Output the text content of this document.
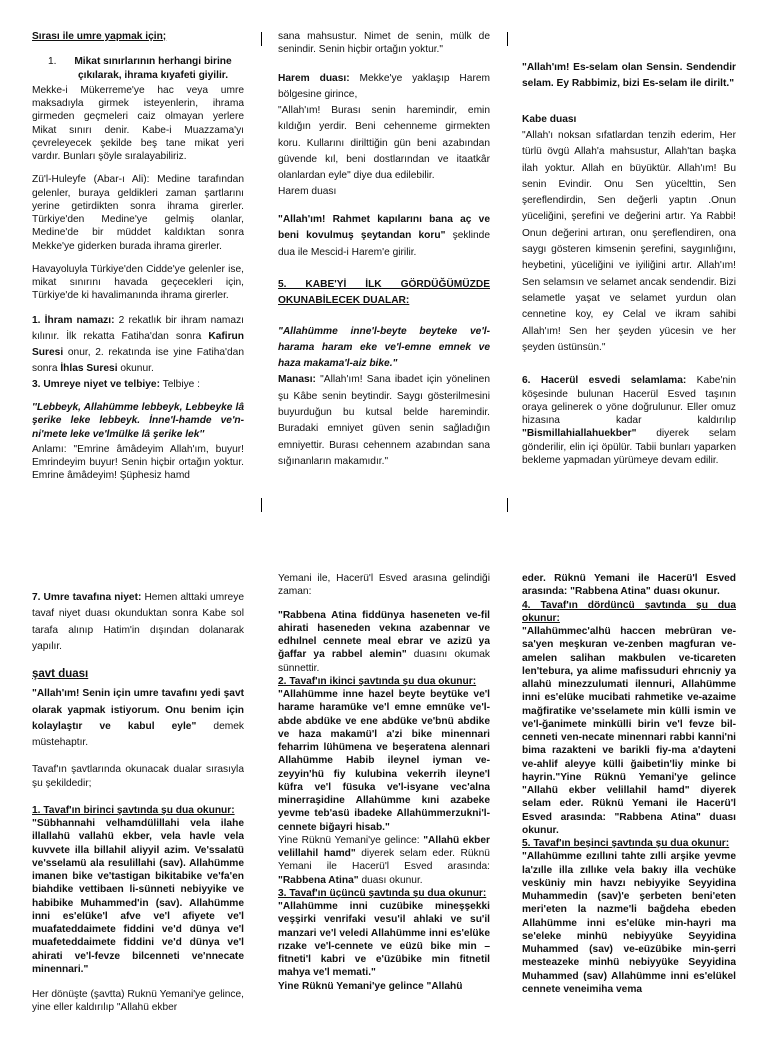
Sırası ile umre yapmak için;

1.	Mikat sınırlarının herhangi birine çıkılarak, ihrama kıyafeti giyilir.

Mekke-i Mükerreme'ye hac veya umre maksadıyla girmek isteyenlerin, ihrama girmeden geçmeleri caiz olmayan yerlere Mikat sınırı denir. Kabe-i Muazzama'yı çevreleyecek şekilde beş tane mikat yeri vardır. Bunları şöyle sıralayabiliriz.

Zü'l-Huleyfe (Abar-ı Ali): Medine tarafından gelenler, buraya geldikleri zaman şartlarını yerine getirdikten sonra ihrama girerler. Türkiye'den Medine'ye gelmiş olanlar, Medine'de bir müddet kaldıktan sonra Mekke'ye giderken burada ihrama girerler.

Havayoluyla Türkiye'den Cidde'ye gelenler ise, mikat sınırını havada geçecekleri için, Türkiye'de ki havalimanında ihrama girerler.

1. İhram namazı: 2 rekatlık bir ihram namazı kılınır. İlk rekatta Fatiha'dan sonra Kafirun Suresi onur, 2. rekatında ise yine Fatiha'dan sonra İhlas Suresi okunur.

3. Umreye niyet ve telbiye: Telbiye :

''Lebbeyk, Allahümme lebbeyk, Lebbeyke lâ şerike leke lebbeyk. İnne'l-hamde ve'n-ni'mete leke ve'lmülke lâ şerike lek''

Anlamı: "Emrine âmâdeyim Allah'ım, buyur! Emrindeyim buyur! Senin hiçbir ortağın yoktur. Emrine âmâdeyim! Şüphesiz hamd

sana mahsustur. Nimet de senin, mülk de senindir. Senin hiçbir ortağın yoktur."

Harem duası: Mekke'ye yaklaşıp Harem bölgesine girince,

"Allah'ım! Burası senin haremindir, emin kıldığın yerdir. Beni cehenneme girmekten koru. Kullarını dirilttiğin gün beni azabından güvende kıl, beni dostlarından ve itaatkâr olanlardan eyle" diye dua edilebilir.

Harem duası

"Allah'ım! Rahmet kapılarını bana aç ve beni kovulmuş şeytandan koru" şeklinde dua ile Mescid-i Harem'e girilir.

5. KABE'Yİ İLK GÖRDÜĞÜMÜZDE OKUNABİLECEK DUALAR:

"Allahümme inne'l-beyte beyteke ve'l-harama haram eke ve'l-emne emnek ve haza makama'l-aiz bike."

Manası: "Allah'ım! Sana ibadet için yönelinen şu Kâbe senin beytindir. Saygı gösterilmesini buyurduğun bu kutsal belde haremindir. Buradaki emniyet güven senin sağladığın emniyettir. Burası cehennem azabından sana sığınanların makamıdır."

"Allah'ım! Es-selam olan Sensin. Sendendir selam. Ey Rabbimiz, bizi Es-selam ile dirilt."

Kabe duası

"Allah'ı noksan sıfatlardan tenzih ederim, Her türlü övgü Allah'a mahsustur, Allah'tan başka ilah yoktur. Allah en büyüktür. Allah'ım! Bu senin Evindir. Onu Sen yücelttin, Sen şereflendirdin, Sen değerli yaptın .Onun yüceliğini, şerefini ve değerini artır. Ya Rabbi! Onun değerini artıran, onu şereflendiren, ona saygı gösteren kimsenin şerefini, saygınlığını, heybetini, yüceliğini ve iyiliğini artır. Allah'ım! Sen selamsın ve selamet ancak sendendir. Bizi selametle yaşat ve selamet yurdun olan cennetine koy, ey Celal ve ikram sahibi Allah'ım! Sen her şeyden yücesin ve her şeyden üstünsün."

6. Hacerül esvedi selamlama: Kabe'nin köşesinde bulunan Hacerül Esved taşının oraya gelinerek o yöne doğrulunur. Eller omuz hizasına kadar kaldırılıp "Bismillahiallahuekber" diyerek selam gönderilir, elin içi öpülür. Tabii bunları yaparken bekleme yapmadan yürümeye devam edilir.

7. Umre tavafına niyet: Hemen alttaki umreye tavaf niyet duası okunduktan sonra Kabe sol tarafa alınıp Hatim'in dışından dolanarak yapılır.

şavt duası

"Allah'ım! Senin için umre tavafını yedi şavt olarak yapmak istiyorum. Onu benim için kolaylaştır ve kabul eyle" demek müstehaptır.

Tavaf'ın şavtlarında okunacak dualar sırasıyla şu şekildedir;

1. Tavaf'ın birinci şavtında şu dua okunur:

"Sübhannahi velhamdülillahi vela ilahe illallahü vallahü ekber, vela havle vela kuvvete illa billahil aliyyil azim. Ve'ssalatü ve'sselamü ala resulillahi (sav). Allahümme imanen bike ve'tastigan bikitabike ve'fa'en biahdike vettibaen li-sünneti nebiyyike ve habibike Muhammed'in (sav). Allahümme inni es'elüke'l afve ve'l afiyete ve'l muafateddaimete fiddini ve'd dünya ve'l muafeteddaimete fiddini ve'd dünya ve'l ahirati ve'l-fevze bilcenneti ve'nnecate minennari."

Her dönüşte (şavtta) Ruknü Yemani'ye gelince, yine eller kaldırılıp "Allahü ekber

Yemani ile, Hacerü'l Esved arasına gelindiği zaman:

"Rabbena Atina fiddünya haseneten ve-fil ahirati haseneden vekına azabennar ve edhılnel cennete meal ebrar ve azizü ya ğaffar ya rabbel alemin" duasını okumak sünnettir.

2. Tavaf'ın ikinci şavtında şu dua okunur:

"Allahümme inne hazel beyte beytüke ve'l harame haramüke ve'l emne emnüke ve'l-abde abdüke ve ene abdüke ve'bnü abdike ve haza makamü'l a'zi bike minennari feharrim lühümena ve beşeratena alennari Allahümme Habib ileynel iyman ve-zeyyin'hü fiy kulubina vekerrih ileyne'l küfra ve'l füsuka ve'l-isyane vec'alna minerraşidine Allahümme kıni azabeke yevme teb'asü ibadeke Allahümmerzukni'l-cennete biğayri hisab."

Yine Rüknü Yemani'ye gelince: "Allahü ekber velillahil hamd" diyerek selam eder. Rüknü Yemani ile Hacerü'l Esved arasında: "Rabbena Atina" duası okunur.

3. Tavaf'ın üçüncü şavtında şu dua okunur:

"Allahümme inni cuzübike mineşşekki veşşirki venrifaki vesu'il ahlaki ve su'il manzari ve'l veledi Allahümme inni es'elüke rızake ve'l-cennete ve eüzü bike min –fitneti'l kabri ve e'üzübike min fitnetil mahya ve'l memati."

Yine Rüknü Yemani'ye gelince "Allahü

eder. Rüknü Yemani ile Hacerü'l Esved arasında: "Rabbena Atina" duası okunur.

4. Tavaf'ın dördüncü şavtında şu dua okunur:

"Allahümmec'alhü haccen mebrüran ve-sa'yen meşkuran ve-zenben magfuran ve-amelen salihan makbulen ve-ticareten len'tebura, ya alime mafissuduri ehrıcniy ya allahü minezzulumati ilennuri, Allahümme inni es'elüke mucibati rahmetike ve-azaime mağfiratike ve'sselamete min külli ismin ve ve'l-ğanimete minkülli birin ve'l fevze bil-cenneti ven-necate minennari rabbi kanni'ni bima razakteni ve barikli fiy-ma a'dayteni ve-ahlif aleyye külli ğaibetin'liy minke bi hayrin."Yine Rüknü Yemani'ye gelince "Allahü ekber velillahil hamd" diyerek selam eder. Rüknü Yemani ile Hacerü'l Esved arasında: "Rabbena Atina" duası okunur.

5. Tavaf'ın beşinci şavtında şu dua okunur:

"Allahümme ezıllıni tahte zılli arşike yevme la'zılle illa zıllıke vela bakıy illa vechüke vesküniy min havzı nebiyyike Seyyidina Muhammedin (sav)'e şerbeten beni'eten meri'eten la nazme'li bağdeha ebeden Allahümme inni es'elüke min-hayri ma se'eleke minhü nebiyyüke Seyyidina Muhammed (sav) ve-eüzübike min-şerri mesteazeke minhü nebiyyüke Seyyidina Muhammed (sav) Allahümme inni es'elükel cennete veneimiha vema
